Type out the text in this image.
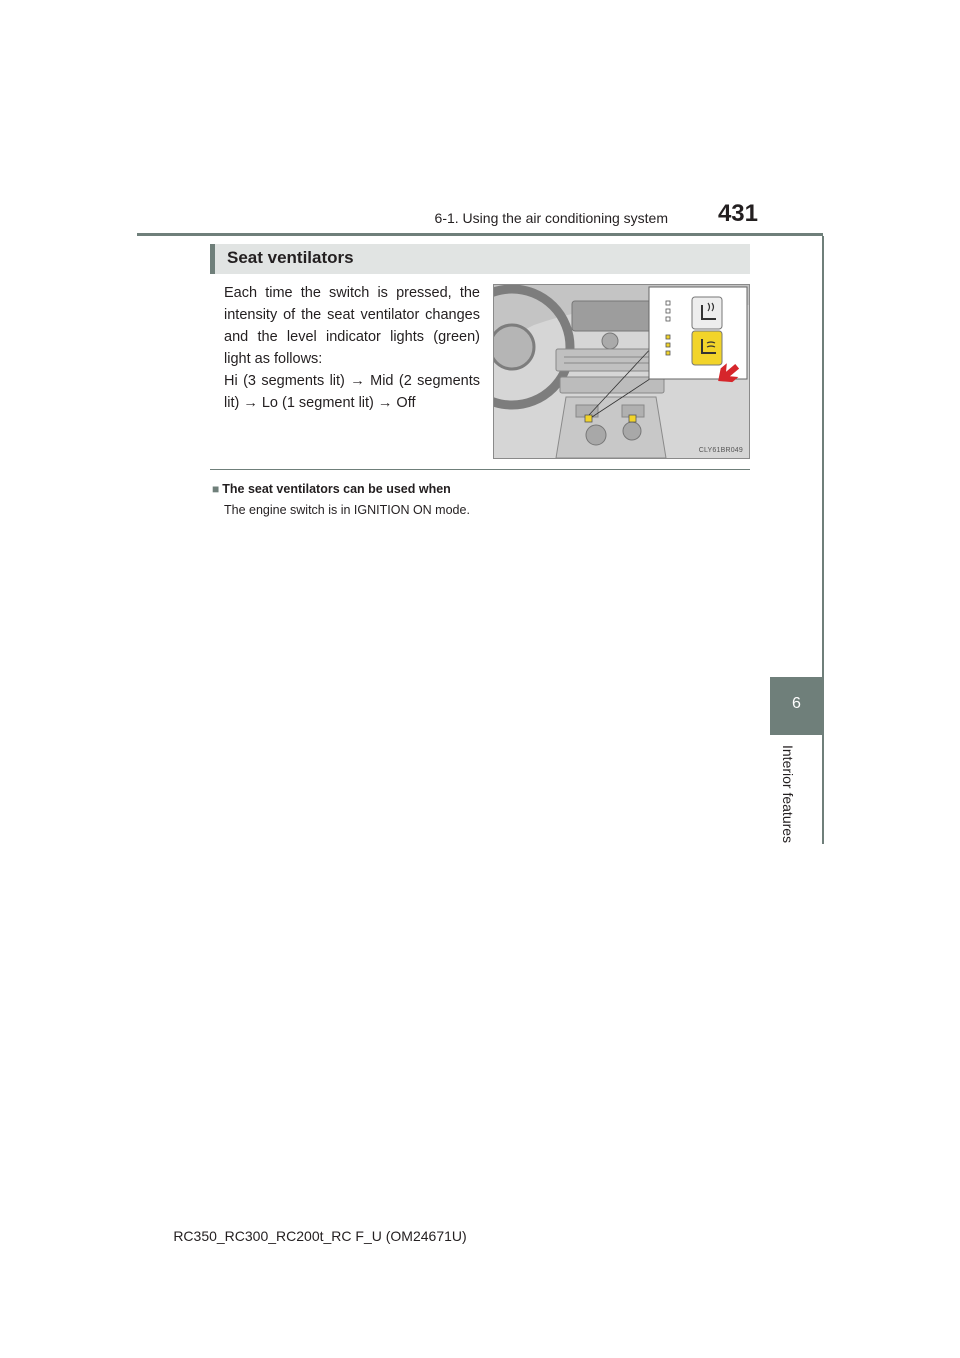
6-1. Using the air conditioning system	431
Seat ventilators

Each time the switch is pressed, the intensity of the seat ventilator changes and the level indicator lights (green) light as follows:

Hi (3 segments lit) → Mid (2 segments lit) → Lo (1 segment lit) → Off

CLY61BR049
■ The seat ventilators can be used when
The engine switch is in IGNITION ON mode.
6
Interior features
RC350_RC300_RC200t_RC F_U (OM24671U)
